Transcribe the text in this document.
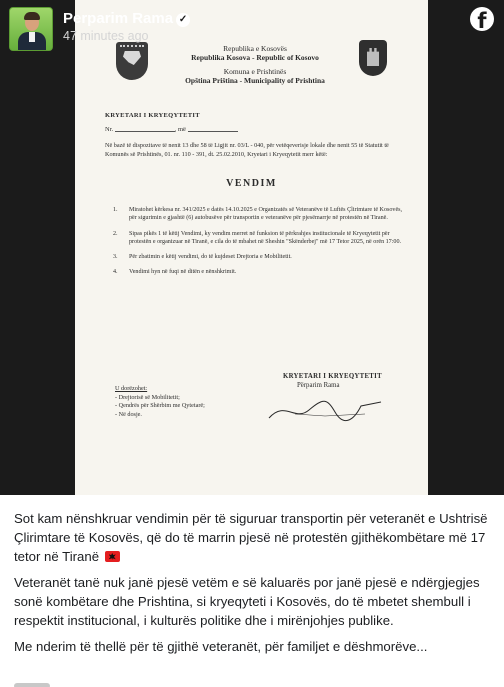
Republika e Kosovës
Republika Kosova - Republic of Kosovo
Komuna e Prishtinës
Opština Priština - Municipality of Prishtina
KRYETARI I KRYEQYTETIT
Nr.	, më
Në bazë të dispozitave të nenit 13 dhe 58 të Ligjit nr. 03/L - 040, për vetëqeverisje lokale dhe nenit 55 të Statutit të Komunës së Prishtinës, 01. nr. 110 - 391, dt. 25.02.2010, Kryetari i Kryeqytetit merr këtë:
VENDIM
1. Miratohet kërkesa nr. 341/2025 e datës 14.10.2025 e Organizatës së Veteranëve të Luftës Çlirimtare të Kosovës, për sigurimin e gjashtë (6) autobusëve për transportin e veteranëve për pjesëmarrje në protestën në Tiranë.
2. Sipas pikës 1 të këtij Vendimi, ky vendim merret në funksion të përkrahjes institucionale të Kryeqytetit për protestën e organizuar në Tiranë, e cila do të mbahet në Sheshin "Skënderbej" më 17 Tetor 2025, në orën 17:00.
3. Për zbatimin e këtij vendimi, do të kujdeset Drejtoria e Mobilitetit.
4. Vendimi hyn në fuqi në ditën e nënshkrimit.
KRYETARI I KRYEQYTETIT
Përparim Rama
U dorëzohet:
- Drejtorisë së Mobilitetit;
- Qendrës për Shërbim me Qytetarë;
- Në dosje.
Perparim Rama ✓
47 minutes ago
f

Sot kam nënshkruar vendimin për të siguruar transportin për veteranët e Ushtrisë Çlirimtare të Kosovës, që do të marrin pjesë në protestën gjithëkombëtare më 17 tetor në Tiranë

Veteranët tanë nuk janë pjesë vetëm e së kaluarës por janë pjesë e ndërgjegjes sonë kombëtare dhe Prishtina, si kryeqyteti i Kosovës, do të mbetet shembull i respektit institucional, i kulturës politike dhe i mirënjohjes publike.

Me nderim të thellë për të gjithë veteranët, për familjet e dëshmorëve...
